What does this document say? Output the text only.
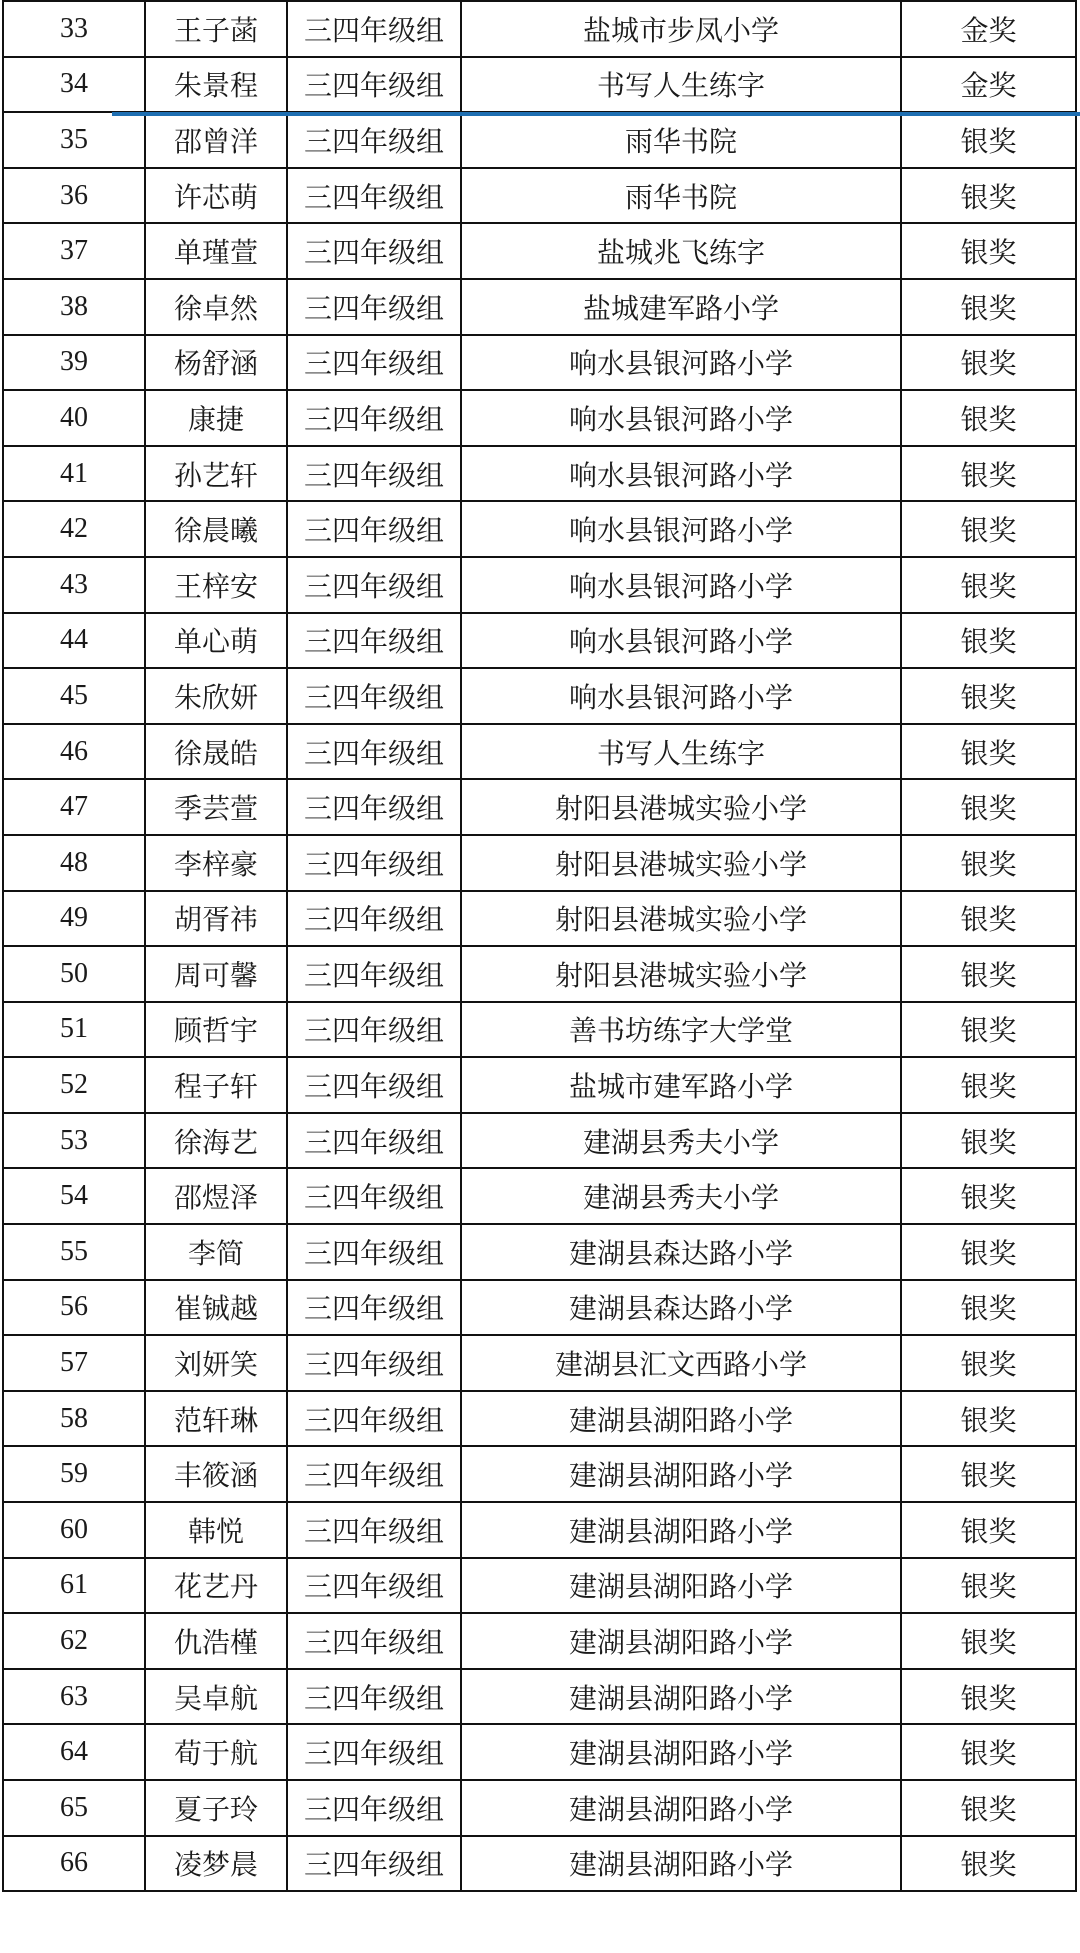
33	王子菡	三四年级组	盐城市步凤小学	金奖
34	朱景程	三四年级组	书写人生练字	金奖
35	邵曾洋	三四年级组	雨华书院	银奖
36	许芯萌	三四年级组	雨华书院	银奖
37	单瑾萱	三四年级组	盐城兆飞练字	银奖
38	徐卓然	三四年级组	盐城建军路小学	银奖
39	杨舒涵	三四年级组	响水县银河路小学	银奖
40	康捷	三四年级组	响水县银河路小学	银奖
41	孙艺轩	三四年级组	响水县银河路小学	银奖
42	徐晨曦	三四年级组	响水县银河路小学	银奖
43	王梓安	三四年级组	响水县银河路小学	银奖
44	单心萌	三四年级组	响水县银河路小学	银奖
45	朱欣妍	三四年级组	响水县银河路小学	银奖
46	徐晟皓	三四年级组	书写人生练字	银奖
47	季芸萱	三四年级组	射阳县港城实验小学	银奖
48	李梓豪	三四年级组	射阳县港城实验小学	银奖
49	胡胥祎	三四年级组	射阳县港城实验小学	银奖
50	周可馨	三四年级组	射阳县港城实验小学	银奖
51	顾哲宇	三四年级组	善书坊练字大学堂	银奖
52	程子轩	三四年级组	盐城市建军路小学	银奖
53	徐海艺	三四年级组	建湖县秀夫小学	银奖
54	邵煜泽	三四年级组	建湖县秀夫小学	银奖
55	李简	三四年级组	建湖县森达路小学	银奖
56	崔铖越	三四年级组	建湖县森达路小学	银奖
57	刘妍笑	三四年级组	建湖县汇文西路小学	银奖
58	范轩琳	三四年级组	建湖县湖阳路小学	银奖
59	丰筱涵	三四年级组	建湖县湖阳路小学	银奖
60	韩悦	三四年级组	建湖县湖阳路小学	银奖
61	花艺丹	三四年级组	建湖县湖阳路小学	银奖
62	仇浩槿	三四年级组	建湖县湖阳路小学	银奖
63	吴卓航	三四年级组	建湖县湖阳路小学	银奖
64	荀于航	三四年级组	建湖县湖阳路小学	银奖
65	夏子玲	三四年级组	建湖县湖阳路小学	银奖
66	凌梦晨	三四年级组	建湖县湖阳路小学	银奖
